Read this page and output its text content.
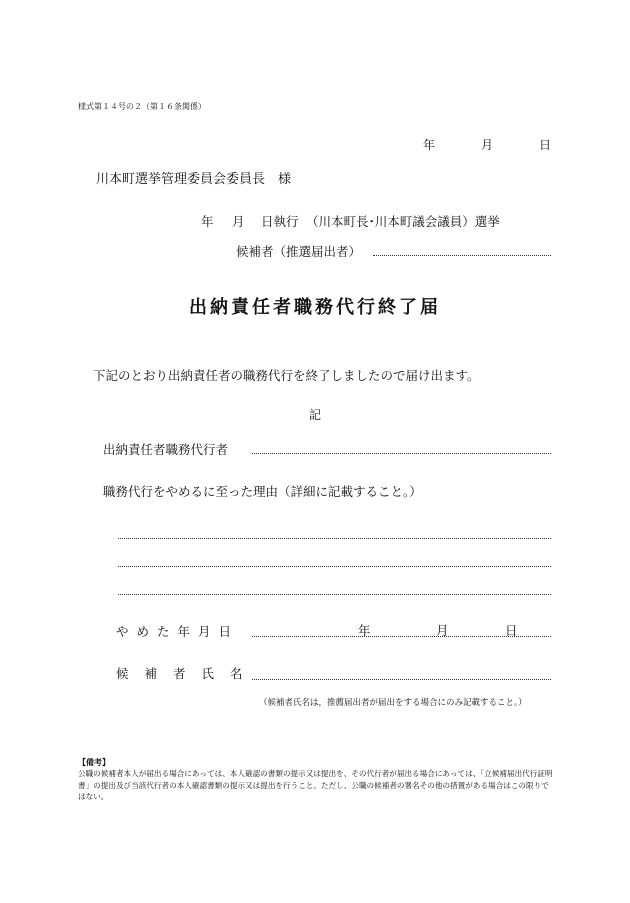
様式第１４号の２（第１６条関係）
年	月	日
川本町選挙管理委員会委員長　様
年 月 日執行 （川本町長･川本町議会議員）選挙
候補者（推選届出者）
出納責任者職務代行終了届
下記のとおり出納責任者の職務代行を終了しましたので届け出ます。
記
出納責任者職務代行者
職務代行をやめるに至った理由（詳細に記載すること。）
やめた年月日	年	月	日
候補者氏名
（候補者氏名は，推薦届出者が届出をする場合にのみ記載すること。）
【備考】
公職の候補者本人が届出る場合にあっては、本人確認の書類の提示又は提出を、その代行者が届出る場合にあっては、「立候補届出代行証明書」の提出及び当該代行者の本人確認書類の提示又は提出を行うこと。ただし、公職の候補者の署名その他の措置がある場合はこの限りではない。
